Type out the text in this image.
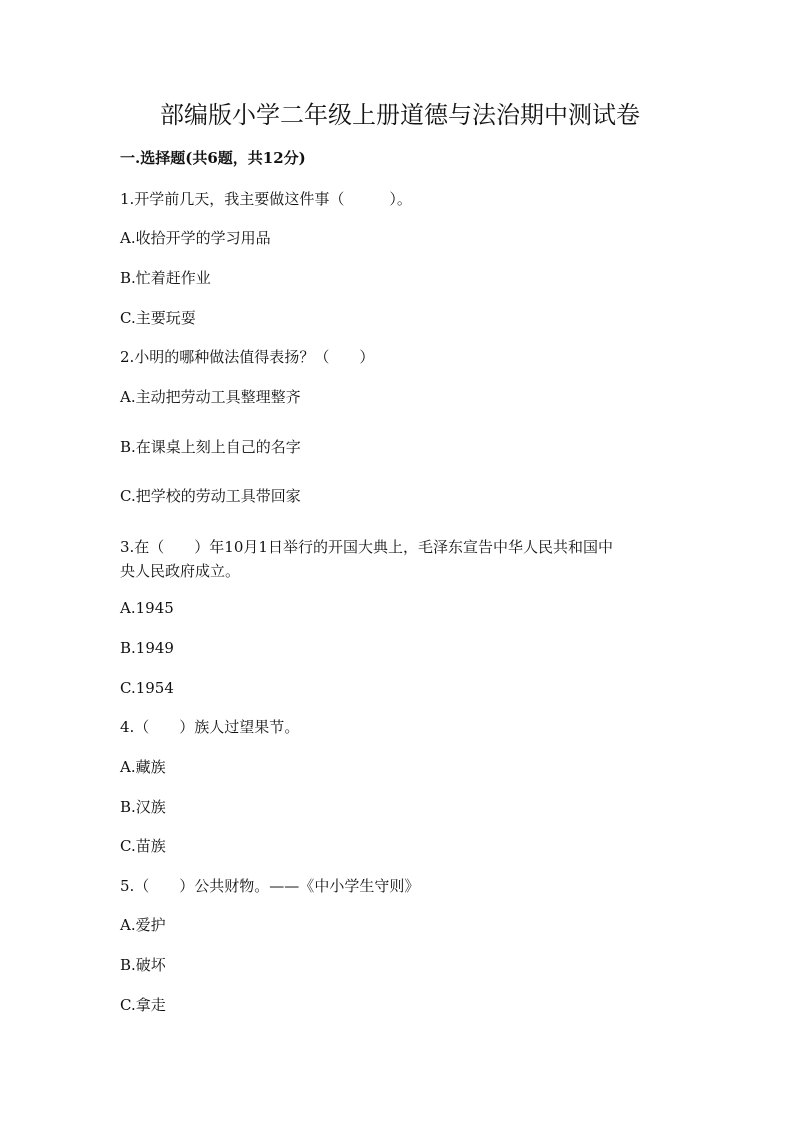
部编版小学二年级上册道德与法治期中测试卷
一.选择题(共6题，共12分)
1.开学前几天，我主要做这件事（　　　）。
A.收拾开学的学习用品
B.忙着赶作业
C.主要玩耍
2.小明的哪种做法值得表扬？（　　）
A.主动把劳动工具整理整齐
B.在课桌上刻上自己的名字
C.把学校的劳动工具带回家
3.在（　　）年10月1日举行的开国大典上，毛泽东宣告中华人民共和国中
央人民政府成立。
A.1945
B.1949
C.1954
4.（　　）族人过望果节。
A.藏族
B.汉族
C.苗族
5.（　　）公共财物。——《中小学生守则》
A.爱护
B.破坏
C.拿走
